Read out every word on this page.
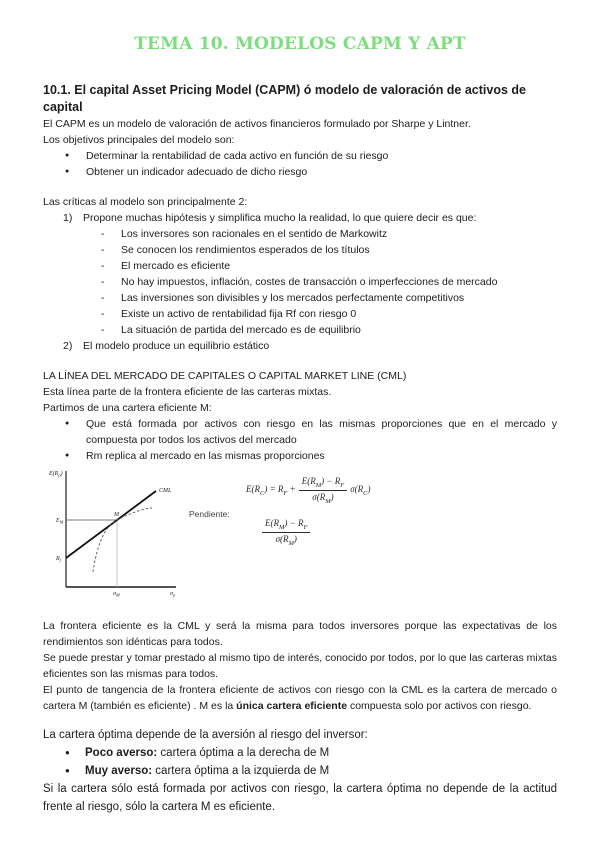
TEMA 10. MODELOS CAPM Y APT
10.1. El capital Asset Pricing Model (CAPM) ó modelo de valoración de activos de capital
El CAPM es un modelo de valoración de activos financieros formulado por Sharpe y Lintner.
Los objetivos principales del modelo son:
●	Determinar la rentabilidad de cada activo en función de su riesgo
●	Obtener un indicador adecuado de dicho riesgo
Las críticas al modelo son principalmente 2:
1)	Propone muchas hipótesis y simplifica mucho la realidad, lo que quiere decir es que:
-	Los inversores son racionales en el sentido de Markowitz
-	Se conocen los rendimientos esperados de los títulos
-	El mercado es eficiente
-	No hay impuestos, inflación, costes de transacción o imperfecciones de mercado
-	Las inversiones son divisibles y los mercados perfectamente competitivos
-	Existe un activo de rentabilidad fija Rf con riesgo 0
-	La situación de partida del mercado es de equilibrio
2)	El modelo produce un equilibrio estático
LA LÍNEA DEL MERCADO DE CAPITALES O CAPITAL MARKET LINE (CML)
Esta línea parte de la frontera eficiente de las carteras mixtas.
Partimos de una cartera eficiente M:
●	Que está formada por activos con riesgo en las mismas proporciones que en el mercado y compuesta por todos los activos del mercado
●	Rm replica al mercado en las mismas proporciones
$E(R_p)$
$E_M$
$R_f$
M
CML
$\sigma_M$	$\sigma_p$
$E(R_C) = R_F + \frac{E(R_M) - R_F}{\sigma(R_M)} \sigma(R_C)$
Pendiente:
$\frac{E(R_M) - R_F}{\sigma(R_M)}$
La frontera eficiente es la CML y será la misma para todos inversores porque las expectativas de los rendimientos son idénticas para todos.
Se puede prestar y tomar prestado al mismo tipo de interés, conocido por todos, por lo que las carteras mixtas eficientes son las mismas para todos.
El punto de tangencia de la frontera eficiente de activos con riesgo con la CML es la cartera de mercado o cartera M (también es eficiente) . M es la única cartera eficiente compuesta solo por activos con riesgo.
La cartera óptima depende de la aversión al riesgo del inversor:
●	Poco averso: cartera óptima a la derecha de M
●	Muy averso: cartera óptima a la izquierda de M
Si la cartera sólo está formada por activos con riesgo, la cartera óptima no depende de la actitud frente al riesgo, sólo la cartera M es eficiente.
